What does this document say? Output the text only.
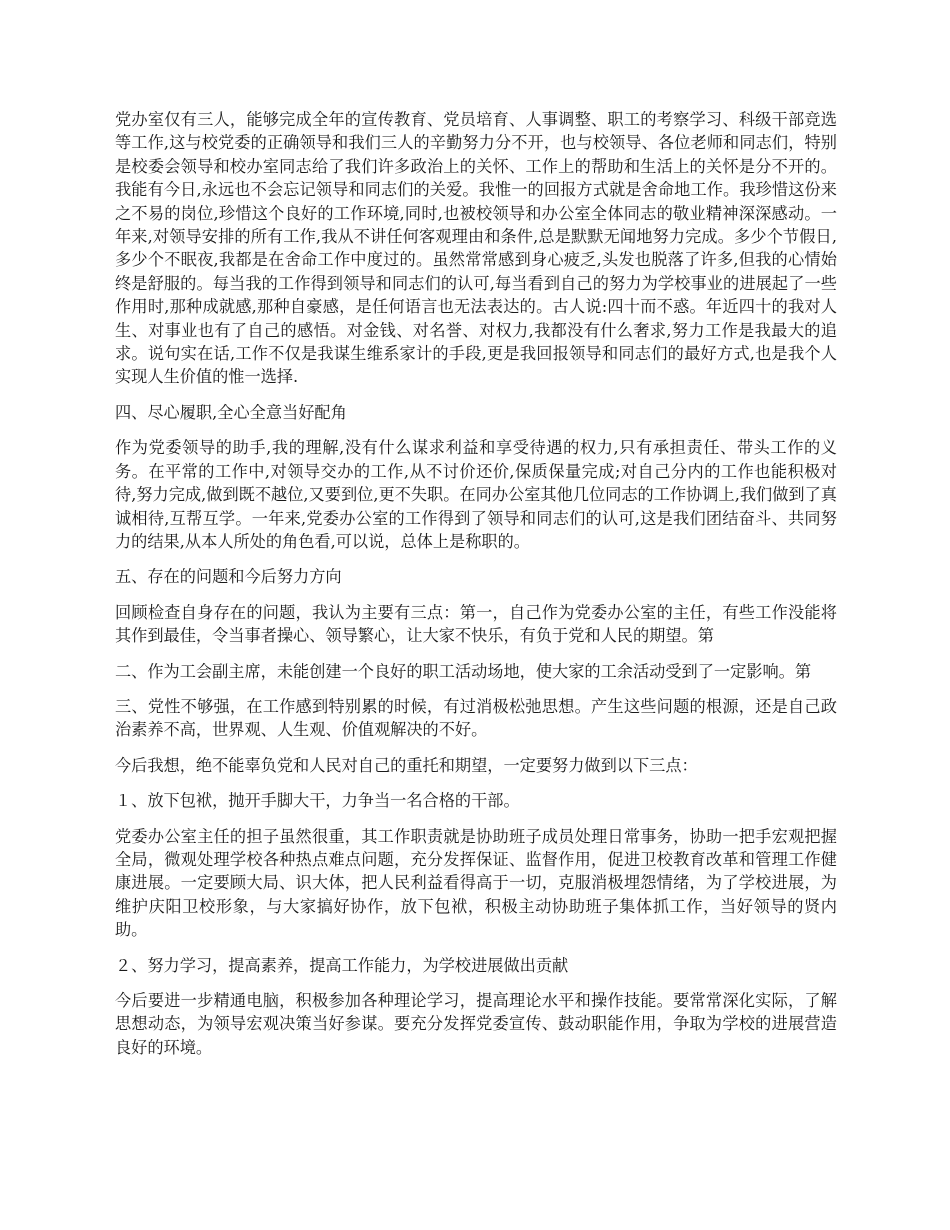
党办室仅有三人，能够完成全年的宣传教育、党员培育、人事调整、职工的考察学习、科级干部竞选等工作,这与校党委的正确领导和我们三人的辛勤努力分不开，也与校领导、各位老师和同志们，特别是校委会领导和校办室同志给了我们许多政治上的关怀、工作上的帮助和生活上的关怀是分不开的。我能有今日,永远也不会忘记领导和同志们的关爱。我惟一的回报方式就是舍命地工作。我珍惜这份来之不易的岗位,珍惜这个良好的工作环境,同时,也被校领导和办公室全体同志的敬业精神深深感动。一年来,对领导安排的所有工作,我从不讲任何客观理由和条件,总是默默无闻地努力完成。多少个节假日,多少个不眠夜,我都是在舍命工作中度过的。虽然常常感到身心疲乏,头发也脱落了许多,但我的心情始终是舒服的。每当我的工作得到领导和同志们的认可,每当看到自己的努力为学校事业的进展起了一些作用时,那种成就感,那种自豪感，是任何语言也无法表达的。古人说:四十而不惑。年近四十的我对人生、对事业也有了自己的感悟。对金钱、对名誉、对权力,我都没有什么奢求,努力工作是我最大的追求。说句实在话,工作不仅是我谋生维系家计的手段,更是我回报领导和同志们的最好方式,也是我个人实现人生价值的惟一选择.

四、尽心履职,全心全意当好配角

作为党委领导的助手,我的理解,没有什么谋求利益和享受待遇的权力,只有承担责任、带头工作的义务。在平常的工作中,对领导交办的工作,从不讨价还价,保质保量完成;对自己分内的工作也能积极对待,努力完成,做到既不越位,又要到位,更不失职。在同办公室其他几位同志的工作协调上,我们做到了真诚相待,互帮互学。一年来,党委办公室的工作得到了领导和同志们的认可,这是我们团结奋斗、共同努力的结果,从本人所处的角色看,可以说，总体上是称职的。

五、存在的问题和今后努力方向

回顾检查自身存在的问题，我认为主要有三点：第一，自己作为党委办公室的主任，有些工作没能将其作到最佳，令当事者操心、领导繁心，让大家不快乐，有负于党和人民的期望。第

二、作为工会副主席，未能创建一个良好的职工活动场地，使大家的工余活动受到了一定影响。第

三、党性不够强，在工作感到特别累的时候，有过消极松弛思想。产生这些问题的根源，还是自己政治素养不高，世界观、人生观、价值观解决的不好。

今后我想，绝不能辜负党和人民对自己的重托和期望，一定要努力做到以下三点：

１、放下包袱，抛开手脚大干，力争当一名合格的干部。

党委办公室主任的担子虽然很重，其工作职责就是协助班子成员处理日常事务，协助一把手宏观把握全局，微观处理学校各种热点难点问题，充分发挥保证、监督作用，促进卫校教育改革和管理工作健康进展。一定要顾大局、识大体，把人民利益看得高于一切，克服消极埋怨情绪，为了学校进展，为维护庆阳卫校形象，与大家搞好协作，放下包袱，积极主动协助班子集体抓工作，当好领导的贤内助。

２、努力学习，提高素养，提高工作能力，为学校进展做出贡献

今后要进一步精通电脑，积极参加各种理论学习，提高理论水平和操作技能。要常常深化实际，了解思想动态，为领导宏观决策当好参谋。要充分发挥党委宣传、鼓动职能作用，争取为学校的进展营造良好的环境。
